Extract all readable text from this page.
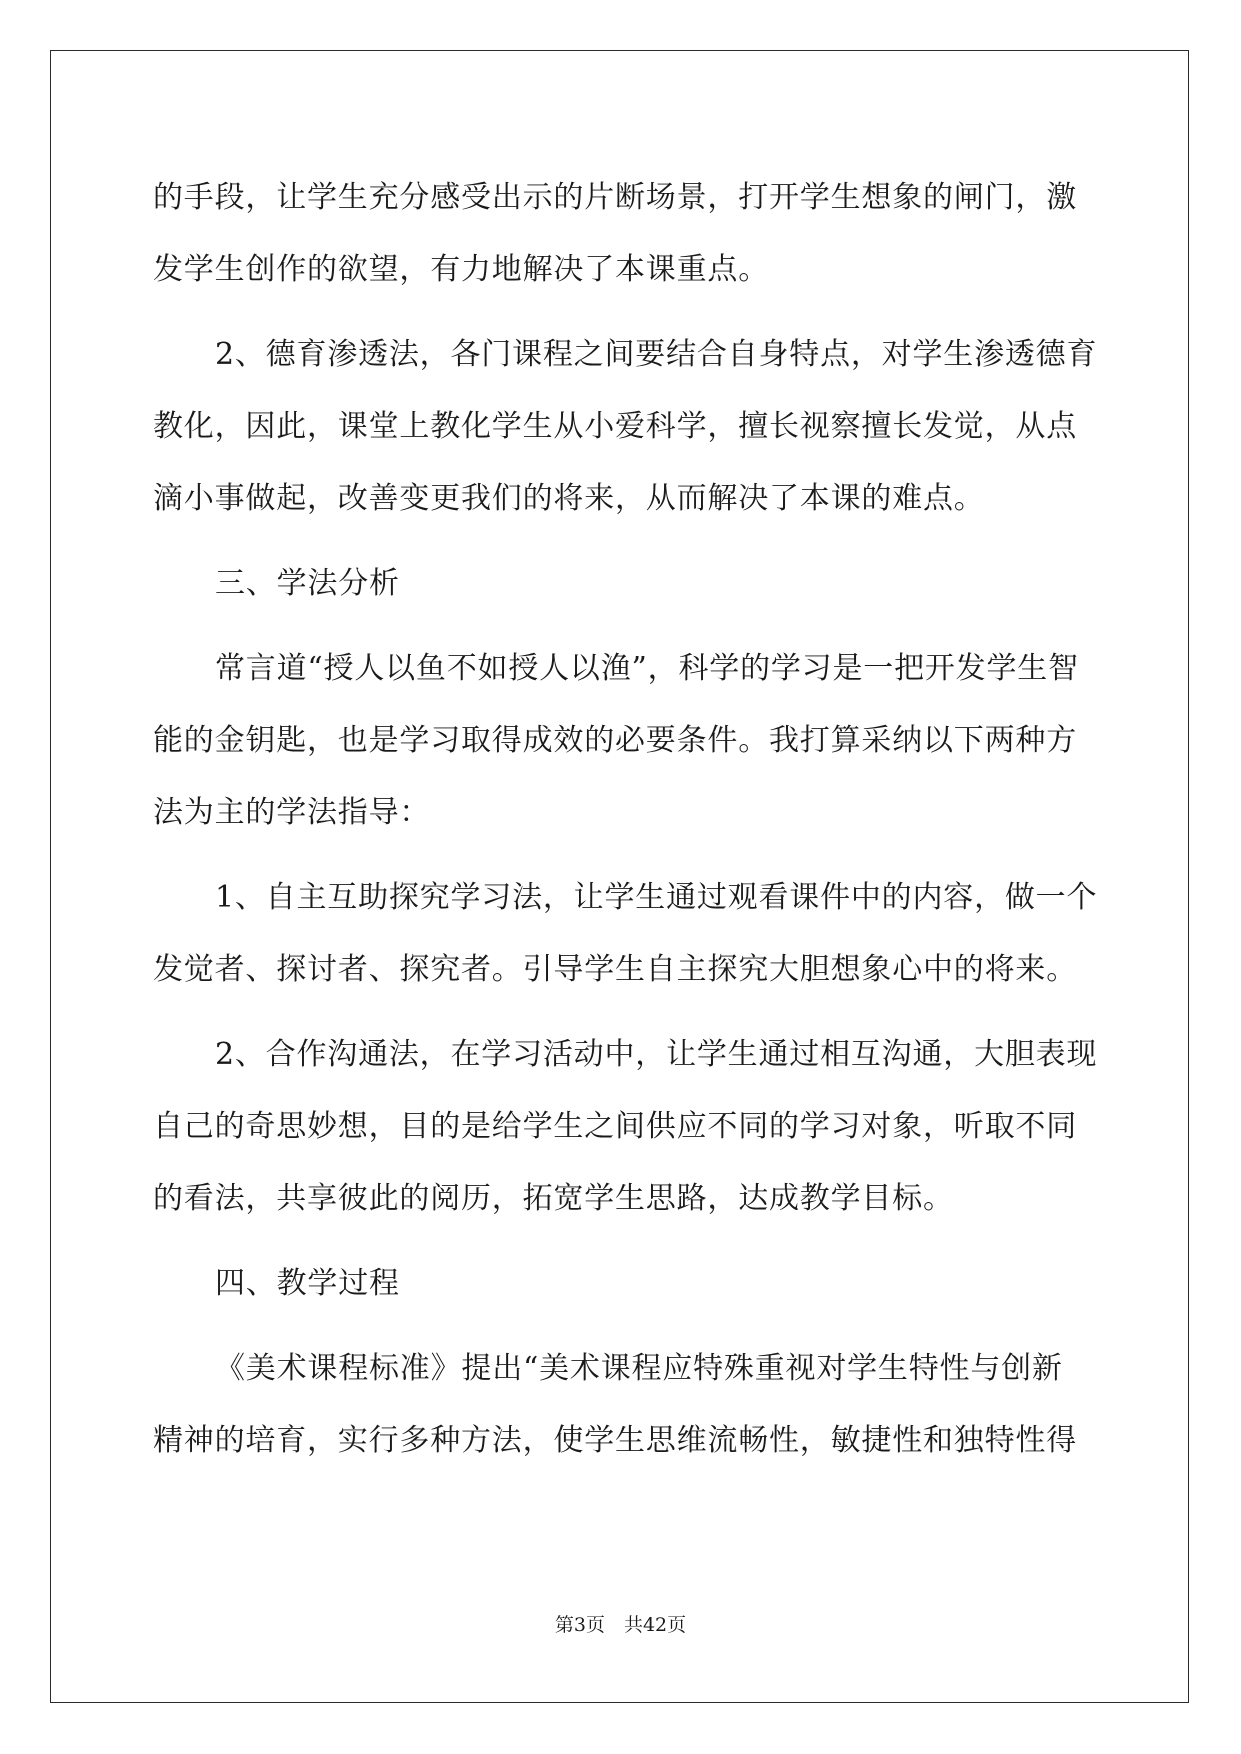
的手段，让学生充分感受出示的片断场景，打开学生想象的闸门，激
发学生创作的欲望，有力地解决了本课重点。

2、德育渗透法，各门课程之间要结合自身特点，对学生渗透德育
教化，因此，课堂上教化学生从小爱科学，擅长视察擅长发觉，从点
滴小事做起，改善变更我们的将来，从而解决了本课的难点。

三、学法分析

常言道“授人以鱼不如授人以渔”，科学的学习是一把开发学生智
能的金钥匙，也是学习取得成效的必要条件。我打算采纳以下两种方
法为主的学法指导：

1、自主互助探究学习法，让学生通过观看课件中的内容，做一个
发觉者、探讨者、探究者。引导学生自主探究大胆想象心中的将来。

2、合作沟通法，在学习活动中，让学生通过相互沟通，大胆表现
自己的奇思妙想，目的是给学生之间供应不同的学习对象，听取不同
的看法，共享彼此的阅历，拓宽学生思路，达成教学目标。

四、教学过程

《美术课程标准》提出“美术课程应特殊重视对学生特性与创新
精神的培育，实行多种方法，使学生思维流畅性，敏捷性和独特性得

第3页　共42页
